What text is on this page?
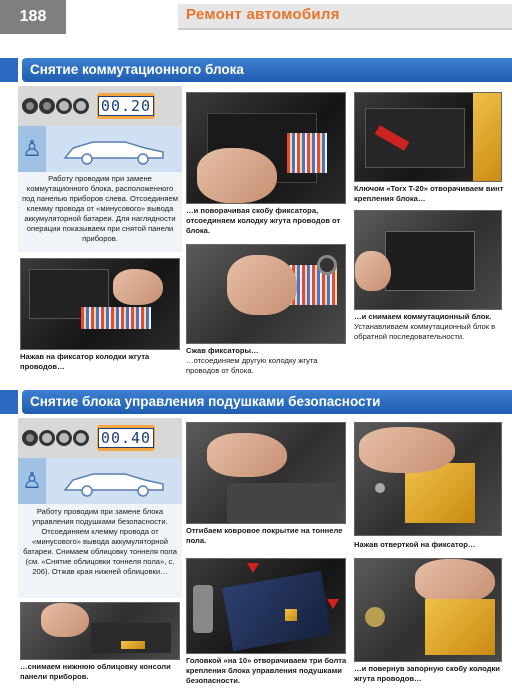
188	Ремонт автомобиля
Снятие коммутационного блока
00.20
♙
Работу проводим при замене коммутационного блока, расположенного под панелью приборов слева. Отсоединяем клемму провода от «минусового» вывода аккумуляторной батареи. Для наглядности операции показываем при снятой панели приборов.
Нажав на фиксатор колодки жгута проводов…
…и поворачивая скобу фиксатора, отсоединяем колодку жгута проводов от блока.
Сжав фиксаторы…
…отсоединяем другую колодку жгута проводов от блока.
Ключом «Torx T-20» отворачиваем винт крепления блока…
…и снимаем коммутационный блок.
Устанавливаем коммутационный блок в обратной последовательности.
Снятие блока управления подушками безопасности
00.40
♙
Работу проводим при замене блока управления подушками безопасности. Отсоединяем клемму провода от «минусового» вывода аккумуляторной батареи. Снимаем облицовку тоннеля пола (см. «Снятие облицовки тоннеля пола», с. 206). Отжав края нижней облицовки…
…снимаем нижнюю облицовку консоли панели приборов.
Отгибаем ковровое покрытие на тоннеле пола.
Головкой «на 10» отворачиваем три болта крепления блока управления подушками безопасности.
Нажав отверткой на фиксатор…
…и повернув запорную скобу колодки жгута проводов…
